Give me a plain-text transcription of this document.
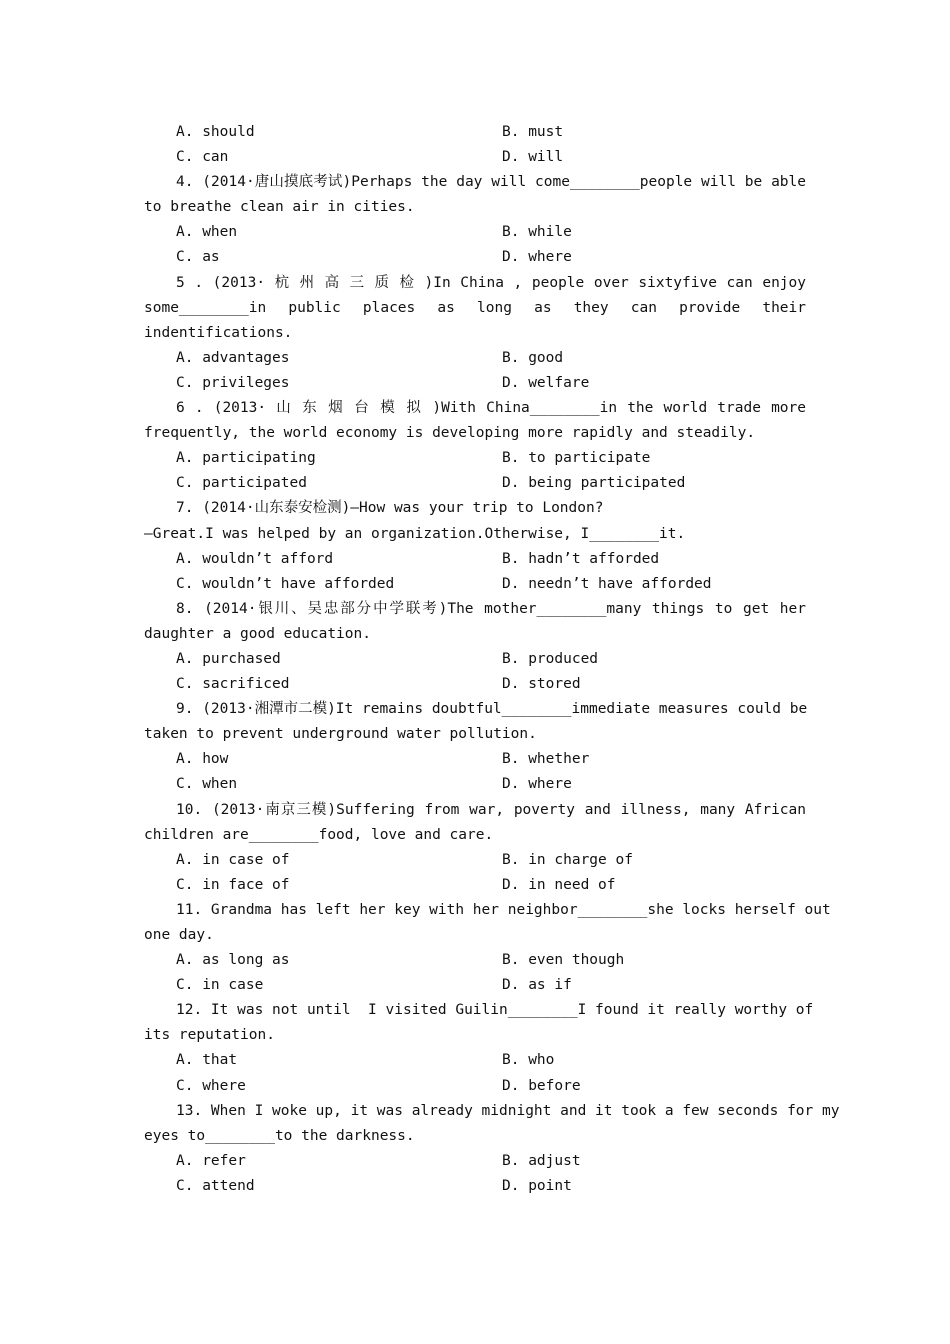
A. should	B. must
C. can	D. will
4. (2014·唐山摸底考试)Perhaps the day will come________people will be able
to breathe clean air in cities.
A. when	B. while
C. as	D. where
5 . (2013· 杭 州 高 三 质 检 )In China , people over sixtyfive can enjoy
some________in public places as long as they can provide their
indentifications.
A. advantages	B. good
C. privileges	D. welfare
6 . (2013· 山 东 烟 台 模 拟 )With China________in the world trade more
frequently, the world economy is developing more rapidly and steadily.
A. participating	B. to participate
C. participated	D. being participated
7. (2014·山东泰安检测)—How was your trip to London?
—Great.I was helped by an organization.Otherwise, I________it.
A. wouldn’t afford	B. hadn’t afforded
C. wouldn’t have afforded	D. needn’t have afforded
8. (2014·银川、吴忠部分中学联考)The mother________many things to get her
daughter a good education.
A. purchased	B. produced
C. sacrificed	D. stored
9. (2013·湘潭市二模)It remains doubtful________immediate measures could be
taken to prevent underground water pollution.
A. how	B. whether
C. when	D. where
10. (2013·南京三模)Suffering from war, poverty and illness, many African
children are________food, love and care.
A. in case of	B. in charge of
C. in face of	D. in need of
11. Grandma has left her key with her neighbor________she locks herself out
one day.
A. as long as	B. even though
C. in case	D. as if
12. It was not until  I visited Guilin________I found it really worthy of
its reputation.
A. that	B. who
C. where	D. before
13. When I woke up, it was already midnight and it took a few seconds for my
eyes to________to the darkness.
A. refer	B. adjust
C. attend	D. point
